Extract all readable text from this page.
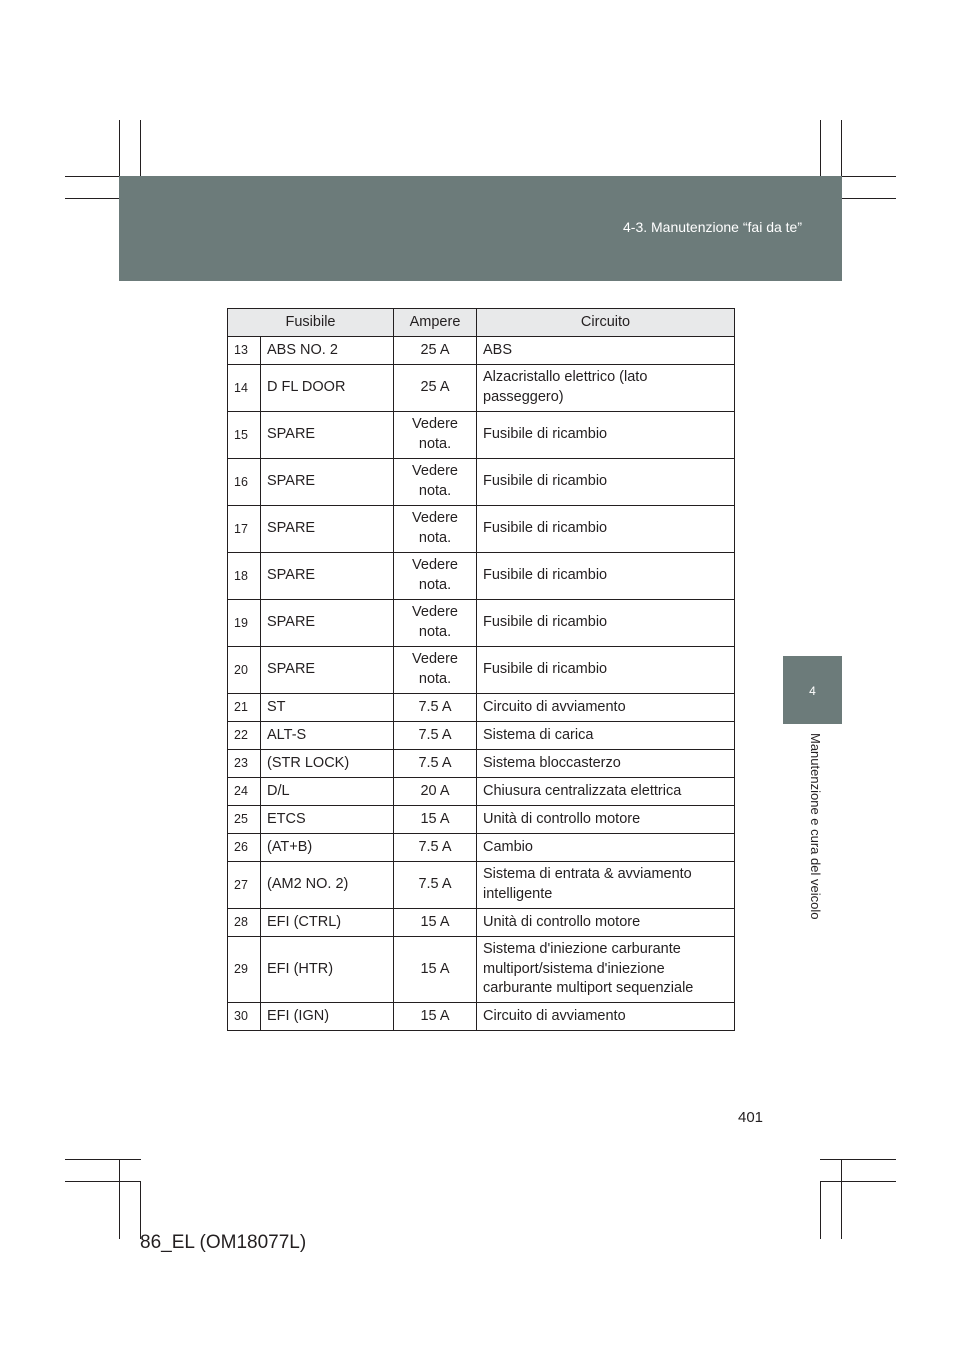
4-3. Manutenzione “fai da te”
4
Manutenzione e cura del veicolo
Fusibile		Ampere	Circuito
13	ABS NO. 2	25 A	ABS
14	D FL DOOR	25 A	Alzacristallo elettrico (lato passeggero)
15	SPARE	Vedere nota.	Fusibile di ricambio
16	SPARE	Vedere nota.	Fusibile di ricambio
17	SPARE	Vedere nota.	Fusibile di ricambio
18	SPARE	Vedere nota.	Fusibile di ricambio
19	SPARE	Vedere nota.	Fusibile di ricambio
20	SPARE	Vedere nota.	Fusibile di ricambio
21	ST	7.5 A	Circuito di avviamento
22	ALT-S	7.5 A	Sistema di carica
23	(STR LOCK)	7.5 A	Sistema bloccasterzo
24	D/L	20 A	Chiusura centralizzata elettrica
25	ETCS	15 A	Unità di controllo motore
26	(AT+B)	7.5 A	Cambio
27	(AM2 NO. 2)	7.5 A	Sistema di entrata & avviamento intelligente
28	EFI (CTRL)	15 A	Unità di controllo motore
29	EFI (HTR)	15 A	Sistema d'iniezione carburante multiport/sistema d'iniezione carburante multiport sequenziale
30	EFI (IGN)	15 A	Circuito di avviamento
401
86_EL (OM18077L)
